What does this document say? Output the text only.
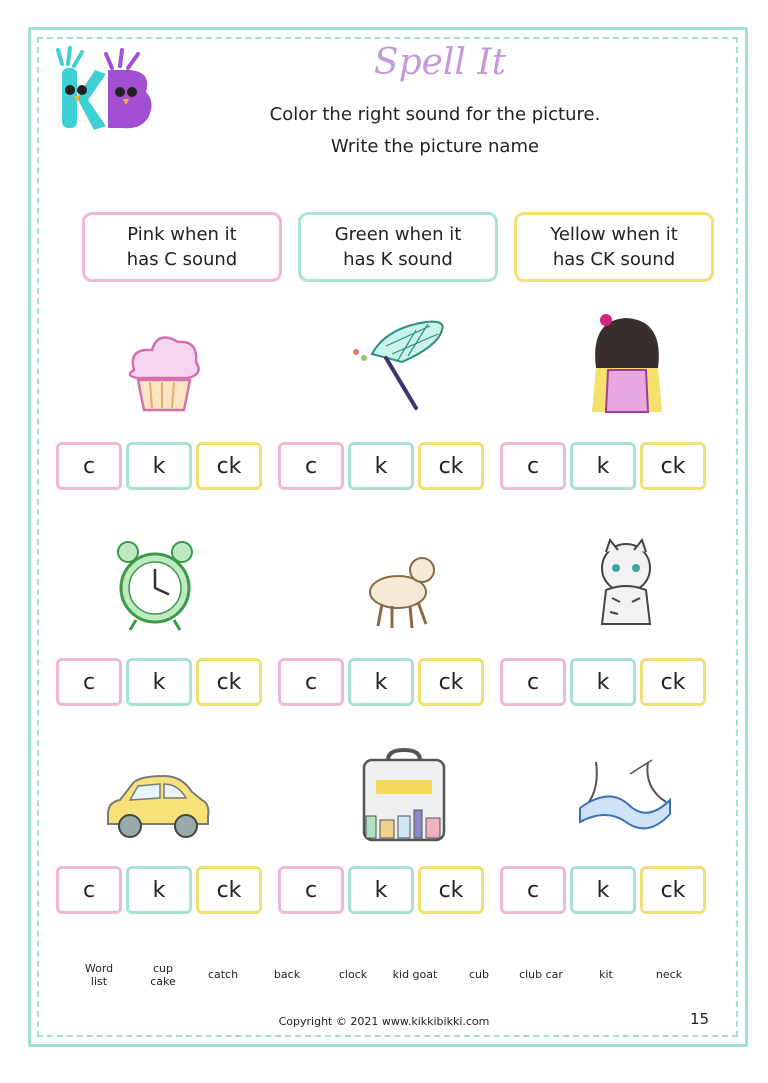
Spell It
Color the right sound for the picture.
Write the picture name
Pink when it
has C sound
Green when it
has K sound
Yellow when it
has CK sound
c	k	ck	c	k	ck	c	k	ck
c	k	ck	c	k	ck	c	k	ck
c	k	ck	c	k	ck	c	k	ck
Word
list
cup
cake
catch	back	clock	kid goat	cub	club car	kit	neck
Copyright © 2021 www.kikkibikki.com	15
